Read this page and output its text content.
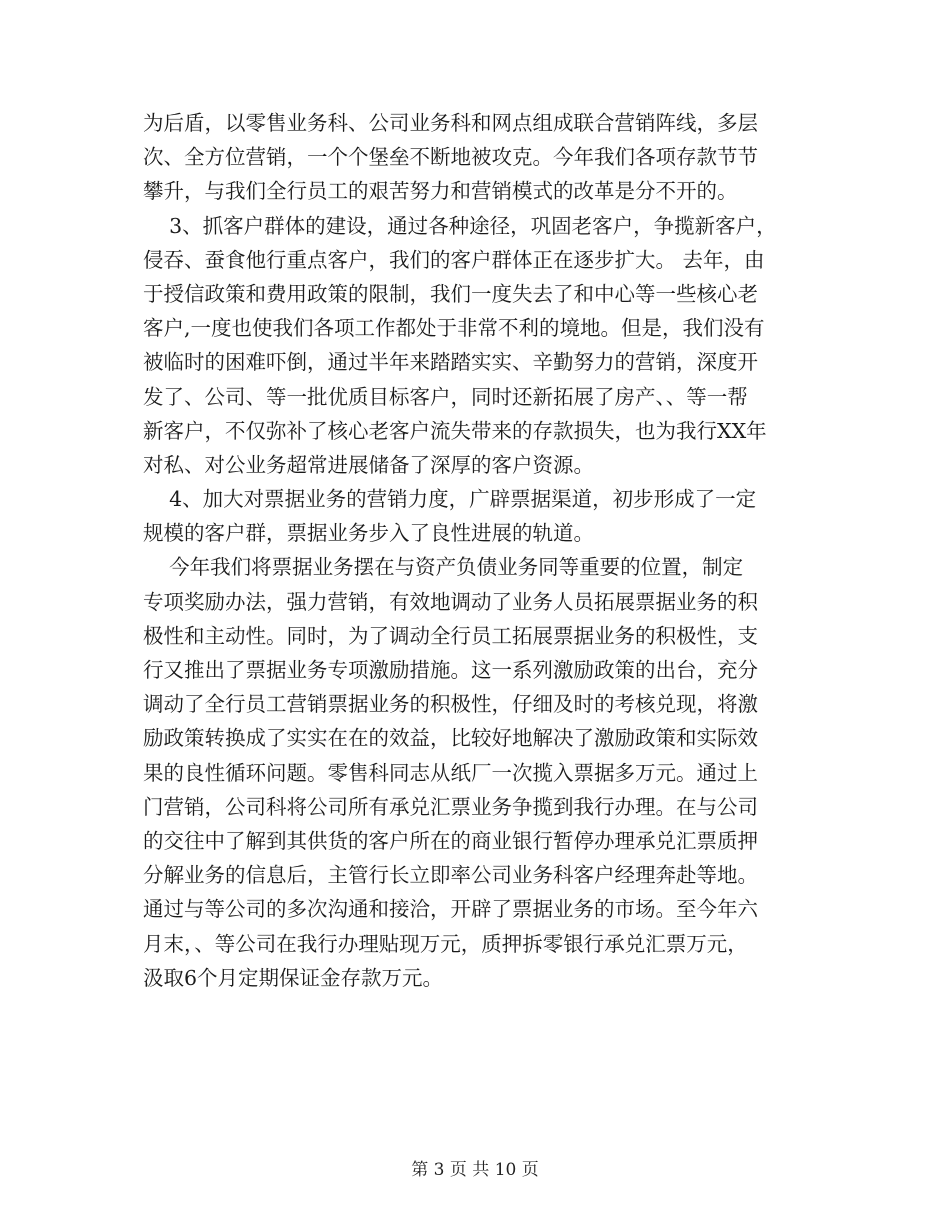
为后盾，以零售业务科、公司业务科和网点组成联合营销阵线，多层
次、全方位营销，一个个堡垒不断地被攻克。今年我们各项存款节节
攀升，与我们全行员工的艰苦努力和营销模式的改革是分不开的。
3、抓客户群体的建设，通过各种途径，巩固老客户，争揽新客户，
侵吞、蚕食他行重点客户，我们的客户群体正在逐步扩大。 去年，由
于授信政策和费用政策的限制，我们一度失去了和中心等一些核心老
客户,一度也使我们各项工作都处于非常不利的境地。但是，我们没有
被临时的困难吓倒，通过半年来踏踏实实、辛勤努力的营销，深度开
发了、公司、等一批优质目标客户，同时还新拓展了房产、、等一帮
新客户，不仅弥补了核心老客户流失带来的存款损失，也为我行XX年
对私、对公业务超常进展储备了深厚的客户资源。
4、加大对票据业务的营销力度，广辟票据渠道，初步形成了一定
规模的客户群，票据业务步入了良性进展的轨道。
今年我们将票据业务摆在与资产负债业务同等重要的位置，制定
专项奖励办法，强力营销，有效地调动了业务人员拓展票据业务的积
极性和主动性。同时，为了调动全行员工拓展票据业务的积极性，支
行又推出了票据业务专项激励措施。这一系列激励政策的出台，充分
调动了全行员工营销票据业务的积极性，仔细及时的考核兑现，将激
励政策转换成了实实在在的效益，比较好地解决了激励政策和实际效
果的良性循环问题。零售科同志从纸厂一次揽入票据多万元。通过上
门营销，公司科将公司所有承兑汇票业务争揽到我行办理。在与公司
的交往中了解到其供货的客户所在的商业银行暂停办理承兑汇票质押
分解业务的信息后，主管行长立即率公司业务科客户经理奔赴等地。
通过与等公司的多次沟通和接洽，开辟了票据业务的市场。至今年六
月末，、等公司在我行办理贴现万元，质押拆零银行承兑汇票万元，
汲取6个月定期保证金存款万元。
第 3 页 共 10 页
